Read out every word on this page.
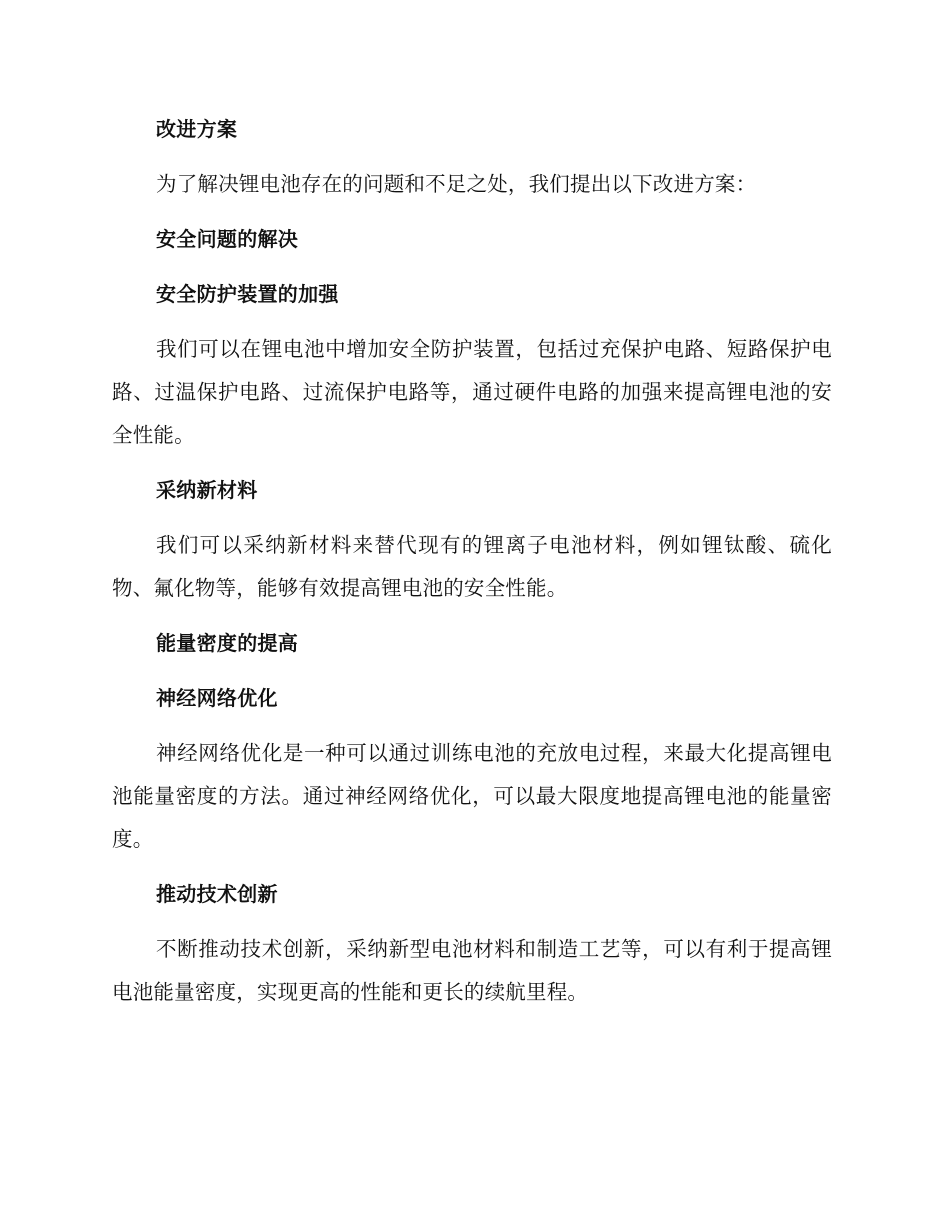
改进方案

为了解决锂电池存在的问题和不足之处，我们提出以下改进方案：

安全问题的解决
安全防护装置的加强

我们可以在锂电池中增加安全防护装置，包括过充保护电路、短路保护电路、过温保护电路、过流保护电路等，通过硬件电路的加强来提高锂电池的安全性能。

采纳新材料

我们可以采纳新材料来替代现有的锂离子电池材料，例如锂钛酸、硫化物、氟化物等，能够有效提高锂电池的安全性能。

能量密度的提高
神经网络优化

神经网络优化是一种可以通过训练电池的充放电过程，来最大化提高锂电池能量密度的方法。通过神经网络优化，可以最大限度地提高锂电池的能量密度。

推动技术创新

不断推动技术创新，采纳新型电池材料和制造工艺等，可以有利于提高锂电池能量密度，实现更高的性能和更长的续航里程。
